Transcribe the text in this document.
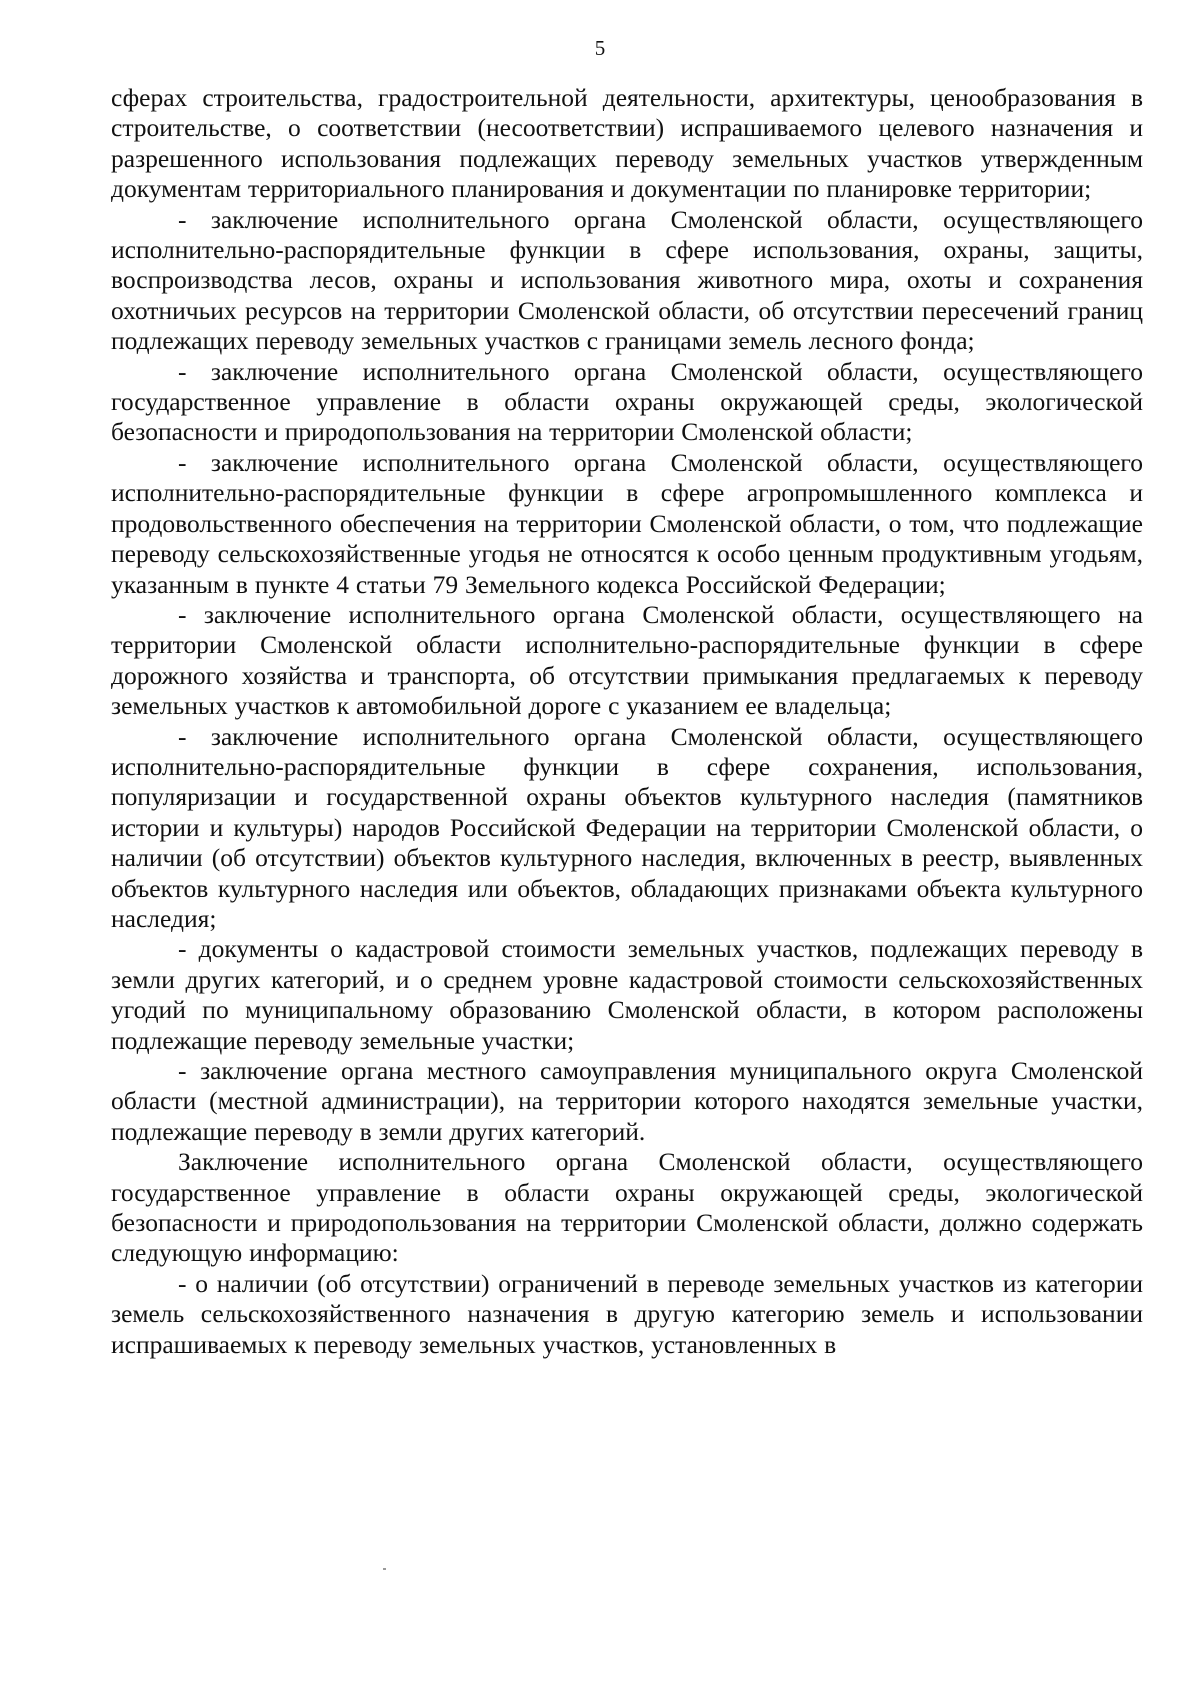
5

сферах строительства, градостроительной деятельности, архитектуры, ценообразования в строительстве, о соответствии (несоответствии) испрашиваемого целевого назначения и разрешенного использования подлежащих переводу земельных участков утвержденным документам территориального планирования и документации по планировке территории;

- заключение исполнительного органа Смоленской области, осуществляющего исполнительно-распорядительные функции в сфере использования, охраны, защиты, воспроизводства лесов, охраны и использования животного мира, охоты и сохранения охотничьих ресурсов на территории Смоленской области, об отсутствии пересечений границ подлежащих переводу земельных участков с границами земель лесного фонда;

- заключение исполнительного органа Смоленской области, осуществляющего государственное управление в области охраны окружающей среды, экологической безопасности и природопользования на территории Смоленской области;

- заключение исполнительного органа Смоленской области, осуществляющего исполнительно-распорядительные функции в сфере агропромышленного комплекса и продовольственного обеспечения на территории Смоленской области, о том, что подлежащие переводу сельскохозяйственные угодья не относятся к особо ценным продуктивным угодьям, указанным в пункте 4 статьи 79 Земельного кодекса Российской Федерации;

- заключение исполнительного органа Смоленской области, осуществляющего на территории Смоленской области исполнительно-распорядительные функции в сфере дорожного хозяйства и транспорта, об отсутствии примыкания предлагаемых к переводу земельных участков к автомобильной дороге с указанием ее владельца;

- заключение исполнительного органа Смоленской области, осуществляющего исполнительно-распорядительные функции в сфере сохранения, использования, популяризации и государственной охраны объектов культурного наследия (памятников истории и культуры) народов Российской Федерации на территории Смоленской области, о наличии (об отсутствии) объектов культурного наследия, включенных в реестр, выявленных объектов культурного наследия или объектов, обладающих признаками объекта культурного наследия;

- документы о кадастровой стоимости земельных участков, подлежащих переводу в земли других категорий, и о среднем уровне кадастровой стоимости сельскохозяйственных угодий по муниципальному образованию Смоленской области, в котором расположены подлежащие переводу земельные участки;

- заключение органа местного самоуправления муниципального округа Смоленской области (местной администрации), на территории которого находятся земельные участки, подлежащие переводу в земли других категорий.

Заключение исполнительного органа Смоленской области, осуществляющего государственное управление в области охраны окружающей среды, экологической безопасности и природопользования на территории Смоленской области, должно содержать следующую информацию:

- о наличии (об отсутствии) ограничений в переводе земельных участков из категории земель сельскохозяйственного назначения в другую категорию земель и использовании испрашиваемых к переводу земельных участков, установленных в
